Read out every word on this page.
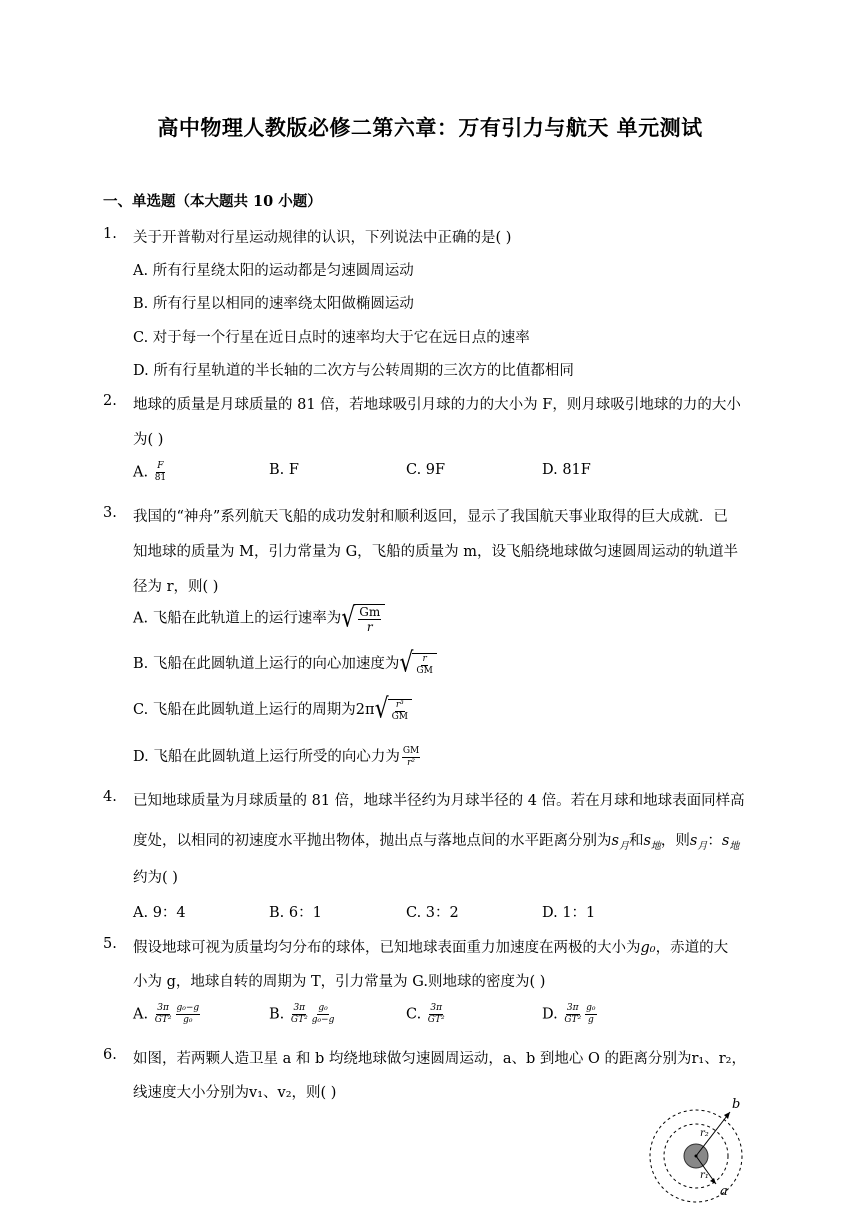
高中物理人教版必修二第六章：万有引力与航天 单元测试
一、单选题（本大题共 10 小题）
1. 关于开普勒对行星运动规律的认识，下列说法中正确的是( )
A. 所有行星绕太阳的运动都是匀速圆周运动
B. 所有行星以相同的速率绕太阳做椭圆运动
C. 对于每一个行星在近日点时的速率均大于它在远日点的速率
D. 所有行星轨道的半长轴的二次方与公转周期的三次方的比值都相同
2. 地球的质量是月球质量的 81 倍，若地球吸引月球的力的大小为 F，则月球吸引地球的力的大小
为( )
A. $\frac{F}{81}$	B. F	C. 9F	D. 81F
3. 我国的“神舟”系列航天飞船的成功发射和顺利返回，显示了我国航天事业取得的巨大成就．已
知地球的质量为 M，引力常量为 G，飞船的质量为 m，设飞船绕地球做匀速圆周运动的轨道半
径为 r，则( )
A. 飞船在此轨道上的运行速率为 √ $\frac{Gm}{r}$
B. 飞船在此圆轨道上运行的向心加速度为 √ $\frac{r}{GM}$
C. 飞船在此圆轨道上运行的周期为2π √ $\frac{\text{r³}}{GM}$
D. 飞船在此圆轨道上运行所受的向心力为 $\frac{GM}{\text{r²}}$
4. 已知地球质量为月球质量的 81 倍，地球半径约为月球半径的 4 倍。若在月球和地球表面同样高
度处，以相同的初速度水平抛出物体，抛出点与落地点间的水平距离分别为$s_月$和$s_地$，则$s_月$：$s_地$
约为( )
A. 9：4	B. 6：1	C. 3：2	D. 1：1
5. 假设地球可视为质量均匀分布的球体，已知地球表面重力加速度在两极的大小为g₀，赤道的大
小为 g，地球自转的周期为 T，引力常量为 G.则地球的密度为( )
A. $\frac{3\pi}{\text{GT²}} \frac{\text{g₀−g}}{\text{g₀}}$	B. $\frac{3\pi}{\text{GT²}} \frac{\text{g₀}}{\text{g₀−g}}$	C. $\frac{3\pi}{\text{GT²}}$	D. $\frac{3\pi}{\text{GT²}} \frac{\text{g₀}}{g}$
6. 如图，若两颗人造卫星 a 和 b 均绕地球做匀速圆周运动，a、b 到地心 O 的距离分别为r₁、r₂，
线速度大小分别为v₁、v₂，则( )
b
a
r₂
r₁
